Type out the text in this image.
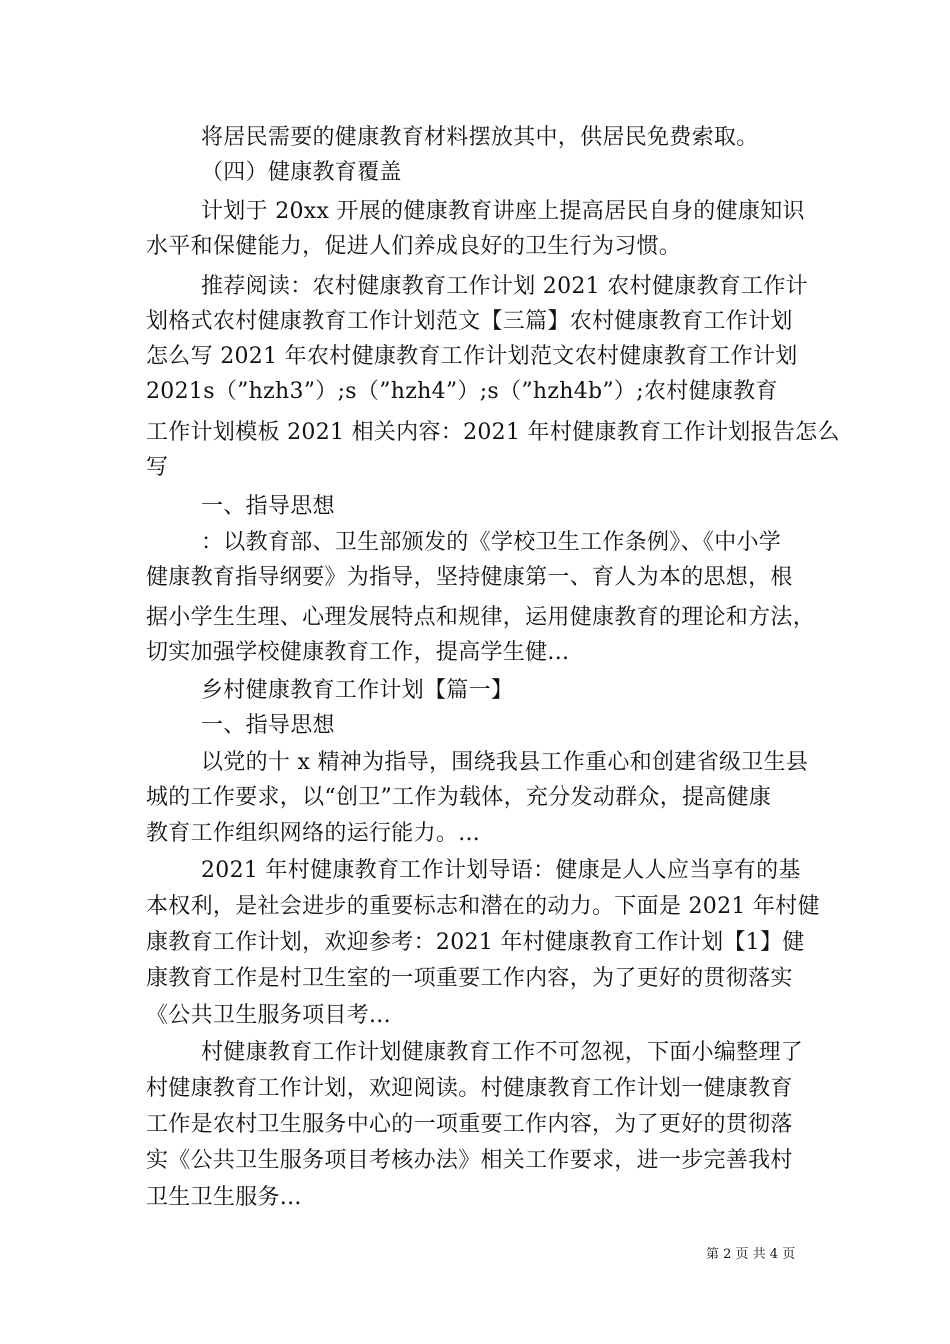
将居民需要的健康教育材料摆放其中，供居民免费索取。
（四）健康教育覆盖
计划于 20xx 开展的健康教育讲座上提高居民自身的健康知识
水平和保健能力，促进人们养成良好的卫生行为习惯。
推荐阅读：农村健康教育工作计划 2021 农村健康教育工作计
划格式农村健康教育工作计划范文【三篇】农村健康教育工作计划
怎么写 2021 年农村健康教育工作计划范文农村健康教育工作计划
2021s（”hzh3”）;s（”hzh4”）;s（”hzh4b”）;农村健康教育
工作计划模板 2021 相关内容：2021 年村健康教育工作计划报告怎么
写
一、指导思想
：以教育部、卫生部颁发的《学校卫生工作条例》、《中小学
健康教育指导纲要》为指导，坚持健康第一、育人为本的思想，根
据小学生生理、心理发展特点和规律，运用健康教育的理论和方法，
切实加强学校健康教育工作，提高学生健...
乡村健康教育工作计划【篇一】
一、指导思想
以党的十 x 精神为指导，围绕我县工作重心和创建省级卫生县
城的工作要求，以“创卫”工作为载体，充分发动群众，提高健康
教育工作组织网络的运行能力。...
2021 年村健康教育工作计划导语：健康是人人应当享有的基
本权利，是社会进步的重要标志和潜在的动力。下面是 2021 年村健
康教育工作计划，欢迎参考：2021 年村健康教育工作计划【1】健
康教育工作是村卫生室的一项重要工作内容，为了更好的贯彻落实
《公共卫生服务项目考...
村健康教育工作计划健康教育工作不可忽视，下面小编整理了
村健康教育工作计划，欢迎阅读。村健康教育工作计划一健康教育
工作是农村卫生服务中心的一项重要工作内容，为了更好的贯彻落
实《公共卫生服务项目考核办法》相关工作要求，进一步完善我村
卫生卫生服务...
第 2 页 共 4 页
